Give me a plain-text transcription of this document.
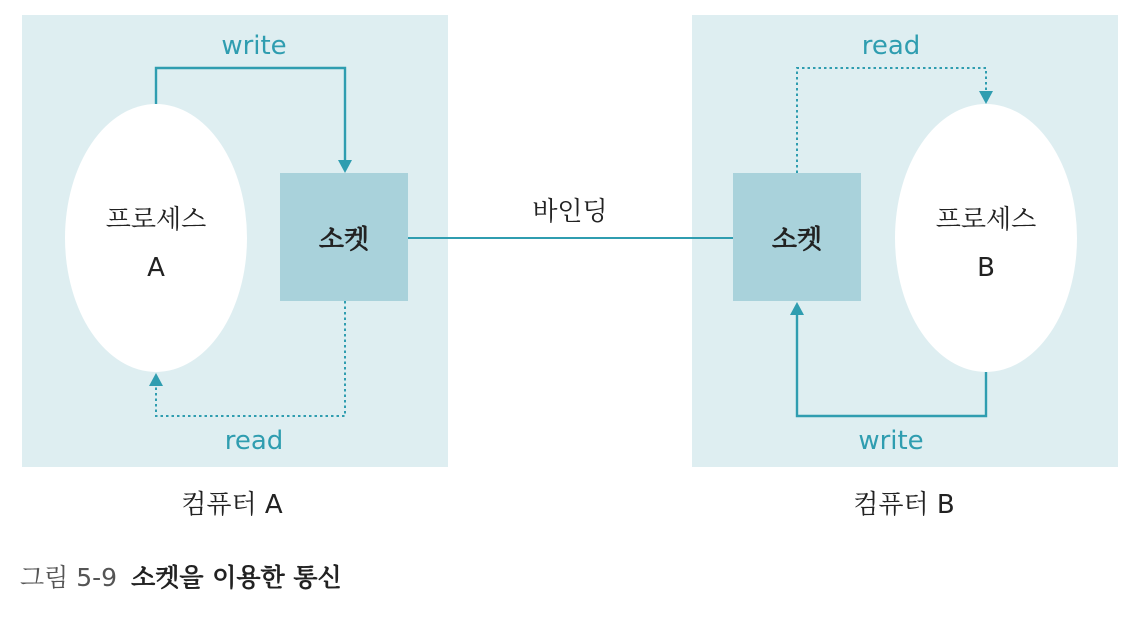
write
read
프로세스
A
소켓
컴퓨터 A
바인딩
read
write
소켓
프로세스
B
컴퓨터 B
그림 5-9 소켓을 이용한 통신
